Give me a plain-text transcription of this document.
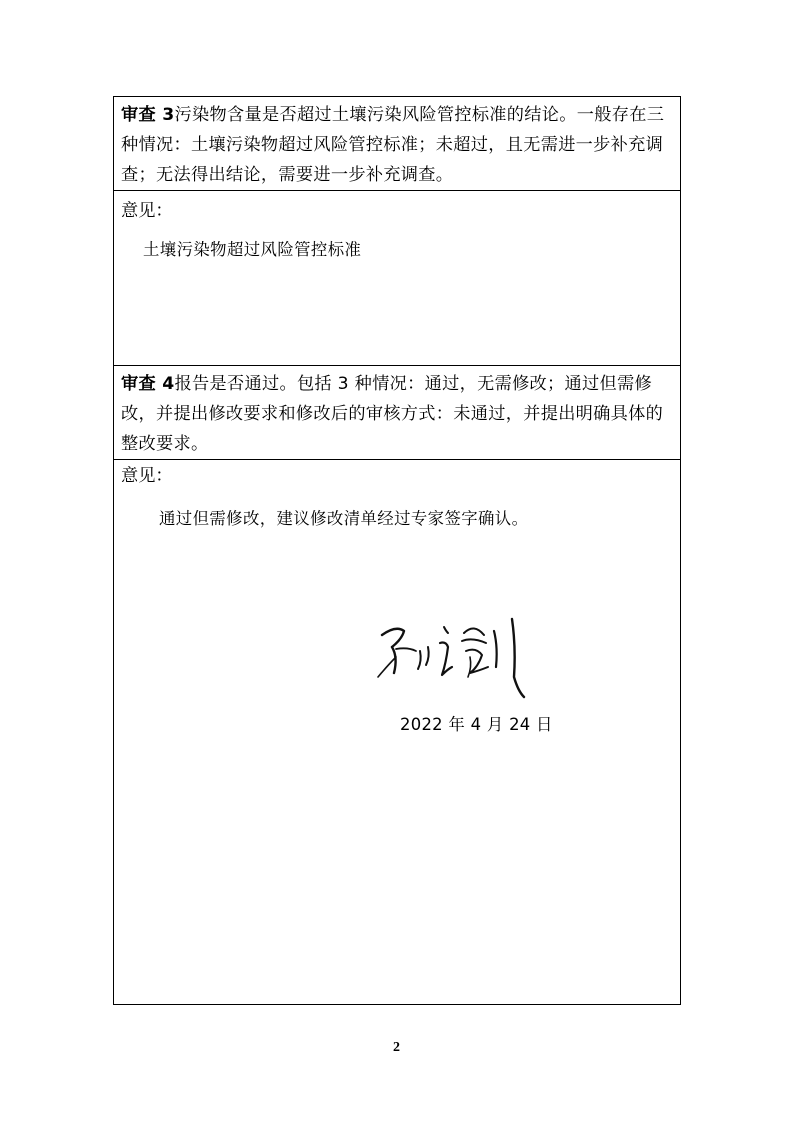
审查 3污染物含量是否超过土壤污染风险管控标准的结论。一般存在三种情况：土壤污染物超过风险管控标准；未超过，且无需进一步补充调查；无法得出结论，需要进一步补充调查。
意见：
土壤污染物超过风险管控标准
审查 4报告是否通过。包括 3 种情况：通过，无需修改；通过但需修改，并提出修改要求和修改后的审核方式：未通过，并提出明确具体的整改要求。
意见：
通过但需修改，建议修改清单经过专家签字确认。
2022 年 4 月 24 日
2
